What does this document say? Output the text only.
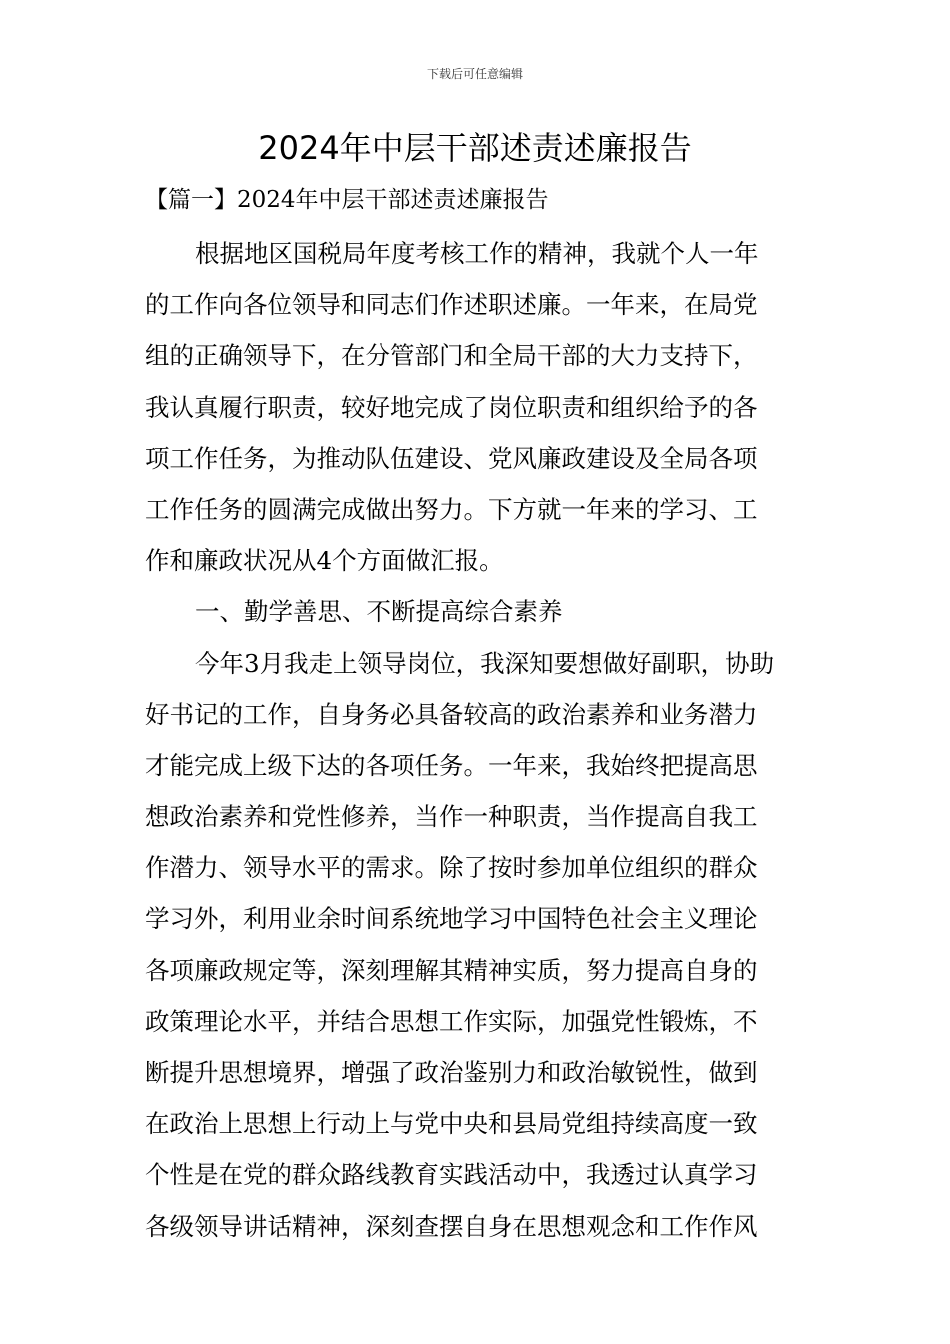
下载后可任意编辑
2024年中层干部述责述廉报告
【篇一】2024年中层干部述责述廉报告
根据地区国税局年度考核工作的精神，我就个人一年
的工作向各位领导和同志们作述职述廉。一年来，在局党
组的正确领导下，在分管部门和全局干部的大力支持下，
我认真履行职责，较好地完成了岗位职责和组织给予的各
项工作任务，为推动队伍建设、党风廉政建设及全局各项
工作任务的圆满完成做出努力。下方就一年来的学习、工
作和廉政状况从4个方面做汇报。
一、勤学善思、不断提高综合素养
今年3月我走上领导岗位，我深知要想做好副职，协助
好书记的工作，自身务必具备较高的政治素养和业务潜力
才能完成上级下达的各项任务。一年来，我始终把提高思
想政治素养和党性修养，当作一种职责，当作提高自我工
作潜力、领导水平的需求。除了按时参加单位组织的群众
学习外，利用业余时间系统地学习中国特色社会主义理论
各项廉政规定等，深刻理解其精神实质，努力提高自身的
政策理论水平，并结合思想工作实际，加强党性锻炼，不
断提升思想境界，增强了政治鉴别力和政治敏锐性，做到
在政治上思想上行动上与党中央和县局党组持续高度一致
个性是在党的群众路线教育实践活动中，我透过认真学习
各级领导讲话精神，深刻查摆自身在思想观念和工作作风
